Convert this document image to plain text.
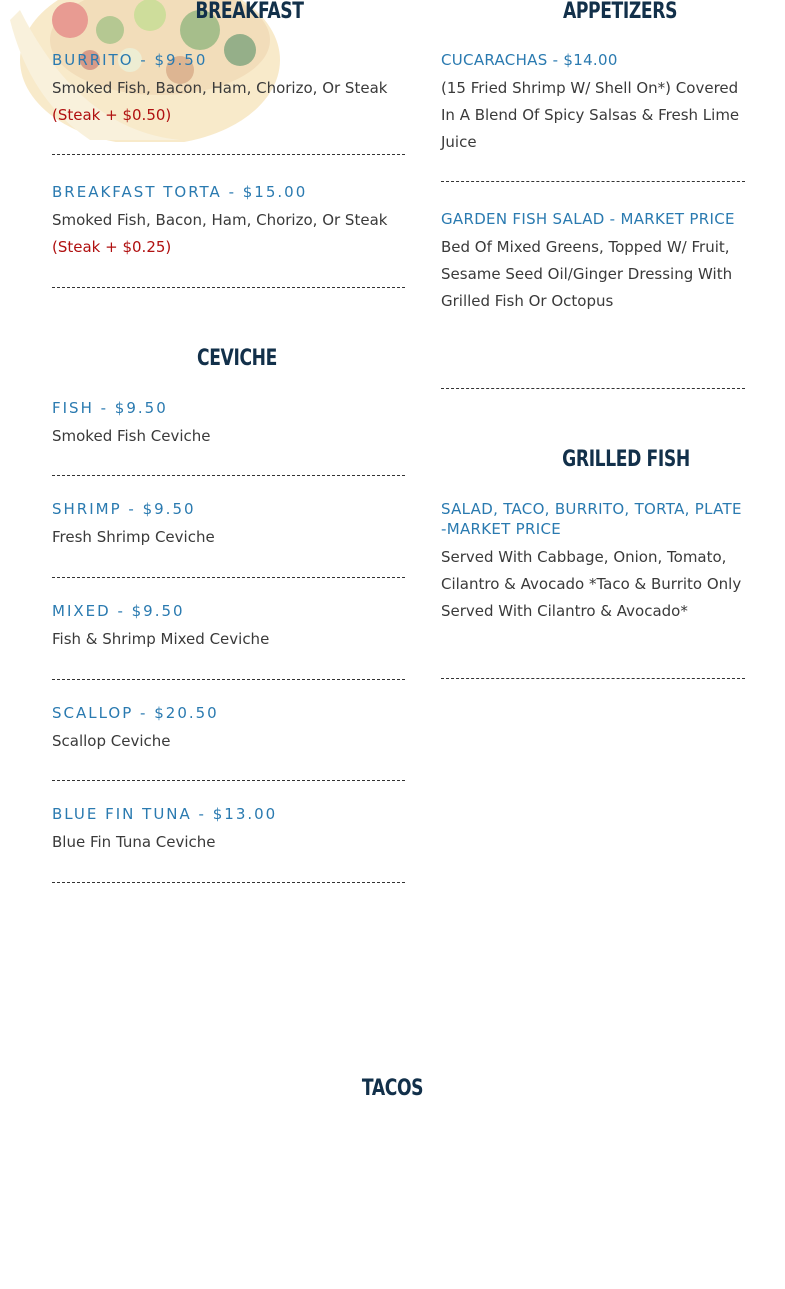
BREAKFAST
BURRITO - $9.50
Smoked Fish, Bacon, Ham, Chorizo, Or Steak (Steak + $0.50)
BREAKFAST TORTA - $15.00
Smoked Fish, Bacon, Ham, Chorizo, Or Steak (Steak + $0.25)
CEVICHE
FISH - $9.50
Smoked Fish Ceviche
SHRIMP - $9.50
Fresh Shrimp Ceviche
MIXED - $9.50
Fish & Shrimp Mixed Ceviche
SCALLOP - $20.50
Scallop Ceviche
BLUE FIN TUNA - $13.00
Blue Fin Tuna Ceviche
APPETIZERS
CUCARACHAS - $14.00
(15 Fried Shrimp W/ Shell On*) Covered In A Blend Of Spicy Salsas & Fresh Lime Juice
GARDEN FISH SALAD - MARKET PRICE
Bed Of Mixed Greens, Topped W/ Fruit, Sesame Seed Oil/Ginger Dressing With Grilled Fish Or Octopus
GRILLED FISH
SALAD, TACO, BURRITO, TORTA, PLATE -MARKET PRICE
Served With Cabbage, Onion, Tomato, Cilantro & Avocado *Taco & Burrito Only Served With Cilantro & Avocado*
TACOS
